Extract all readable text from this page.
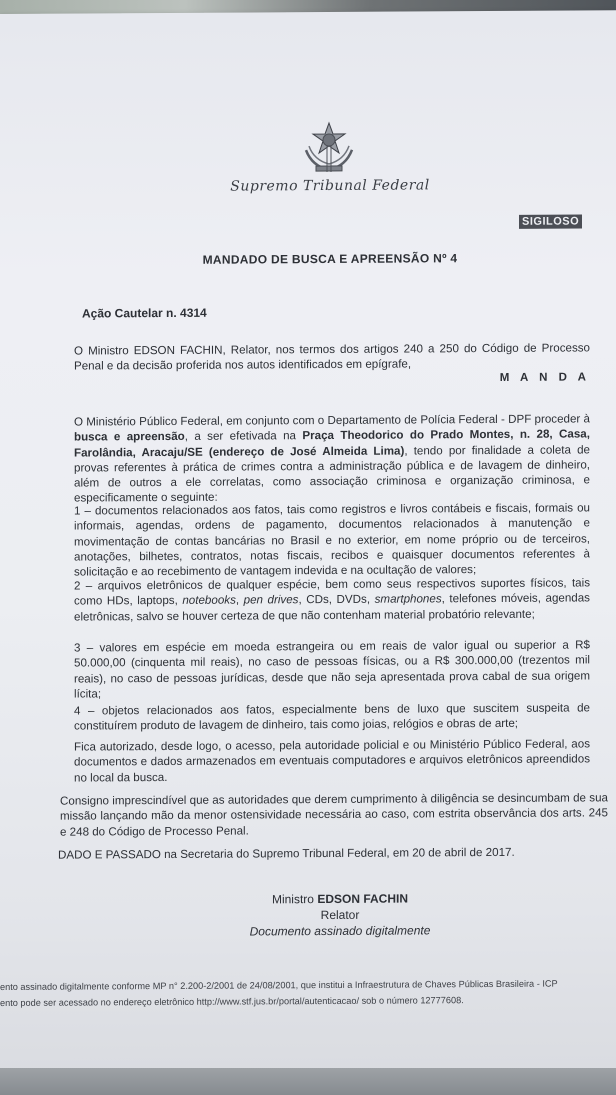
Supremo Tribunal Federal
SIGILOSO
MANDADO DE BUSCA E APREENSÃO Nº 4
Ação Cautelar n. 4314

O Ministro EDSON FACHIN, Relator, nos termos dos artigos 240 a 250 do Código de Processo Penal e da decisão proferida nos autos identificados em epígrafe,

M A N D A

O Ministério Público Federal, em conjunto com o Departamento de Polícia Federal - DPF proceder à busca e apreensão, a ser efetivada na Praça Theodorico do Prado Montes, n. 28, Casa, Farolândia, Aracaju/SE (endereço de José Almeida Lima), tendo por finalidade a coleta de provas referentes à prática de crimes contra a administração pública e de lavagem de dinheiro, além de outros a ele correlatas, como associação criminosa e organização criminosa, e especificamente o seguinte:

1 – documentos relacionados aos fatos, tais como registros e livros contábeis e fiscais, formais ou informais, agendas, ordens de pagamento, documentos relacionados à manutenção e movimentação de contas bancárias no Brasil e no exterior, em nome próprio ou de terceiros, anotações, bilhetes, contratos, notas fiscais, recibos e quaisquer documentos referentes à solicitação e ao recebimento de vantagem indevida e na ocultação de valores;

2 – arquivos eletrônicos de qualquer espécie, bem como seus respectivos suportes físicos, tais como HDs, laptops, notebooks, pen drives, CDs, DVDs, smartphones, telefones móveis, agendas eletrônicas, salvo se houver certeza de que não contenham material probatório relevante;

3 – valores em espécie em moeda estrangeira ou em reais de valor igual ou superior a R$ 50.000,00 (cinquenta mil reais), no caso de pessoas físicas, ou a R$ 300.000,00 (trezentos mil reais), no caso de pessoas jurídicas, desde que não seja apresentada prova cabal de sua origem lícita;

4 – objetos relacionados aos fatos, especialmente bens de luxo que suscitem suspeita de constituírem produto de lavagem de dinheiro, tais como joias, relógios e obras de arte;

Fica autorizado, desde logo, o acesso, pela autoridade policial e ou Ministério Público Federal, aos documentos e dados armazenados em eventuais computadores e arquivos eletrônicos apreendidos no local da busca.

Consigno imprescindível que as autoridades que derem cumprimento à diligência se desincumbam de sua missão lançando mão da menor ostensividade necessária ao caso, com estrita observância dos arts. 245 e 248 do Código de Processo Penal.

DADO E PASSADO na Secretaria do Supremo Tribunal Federal, em 20 de abril de 2017.

Ministro EDSON FACHIN
Relator
Documento assinado digitalmente
ento assinado digitalmente conforme MP n° 2.200-2/2001 de 24/08/2001, que institui a Infraestrutura de Chaves Públicas Brasileira - ICP
ento pode ser acessado no endereço eletrônico http://www.stf.jus.br/portal/autenticacao/ sob o número 12777608.
